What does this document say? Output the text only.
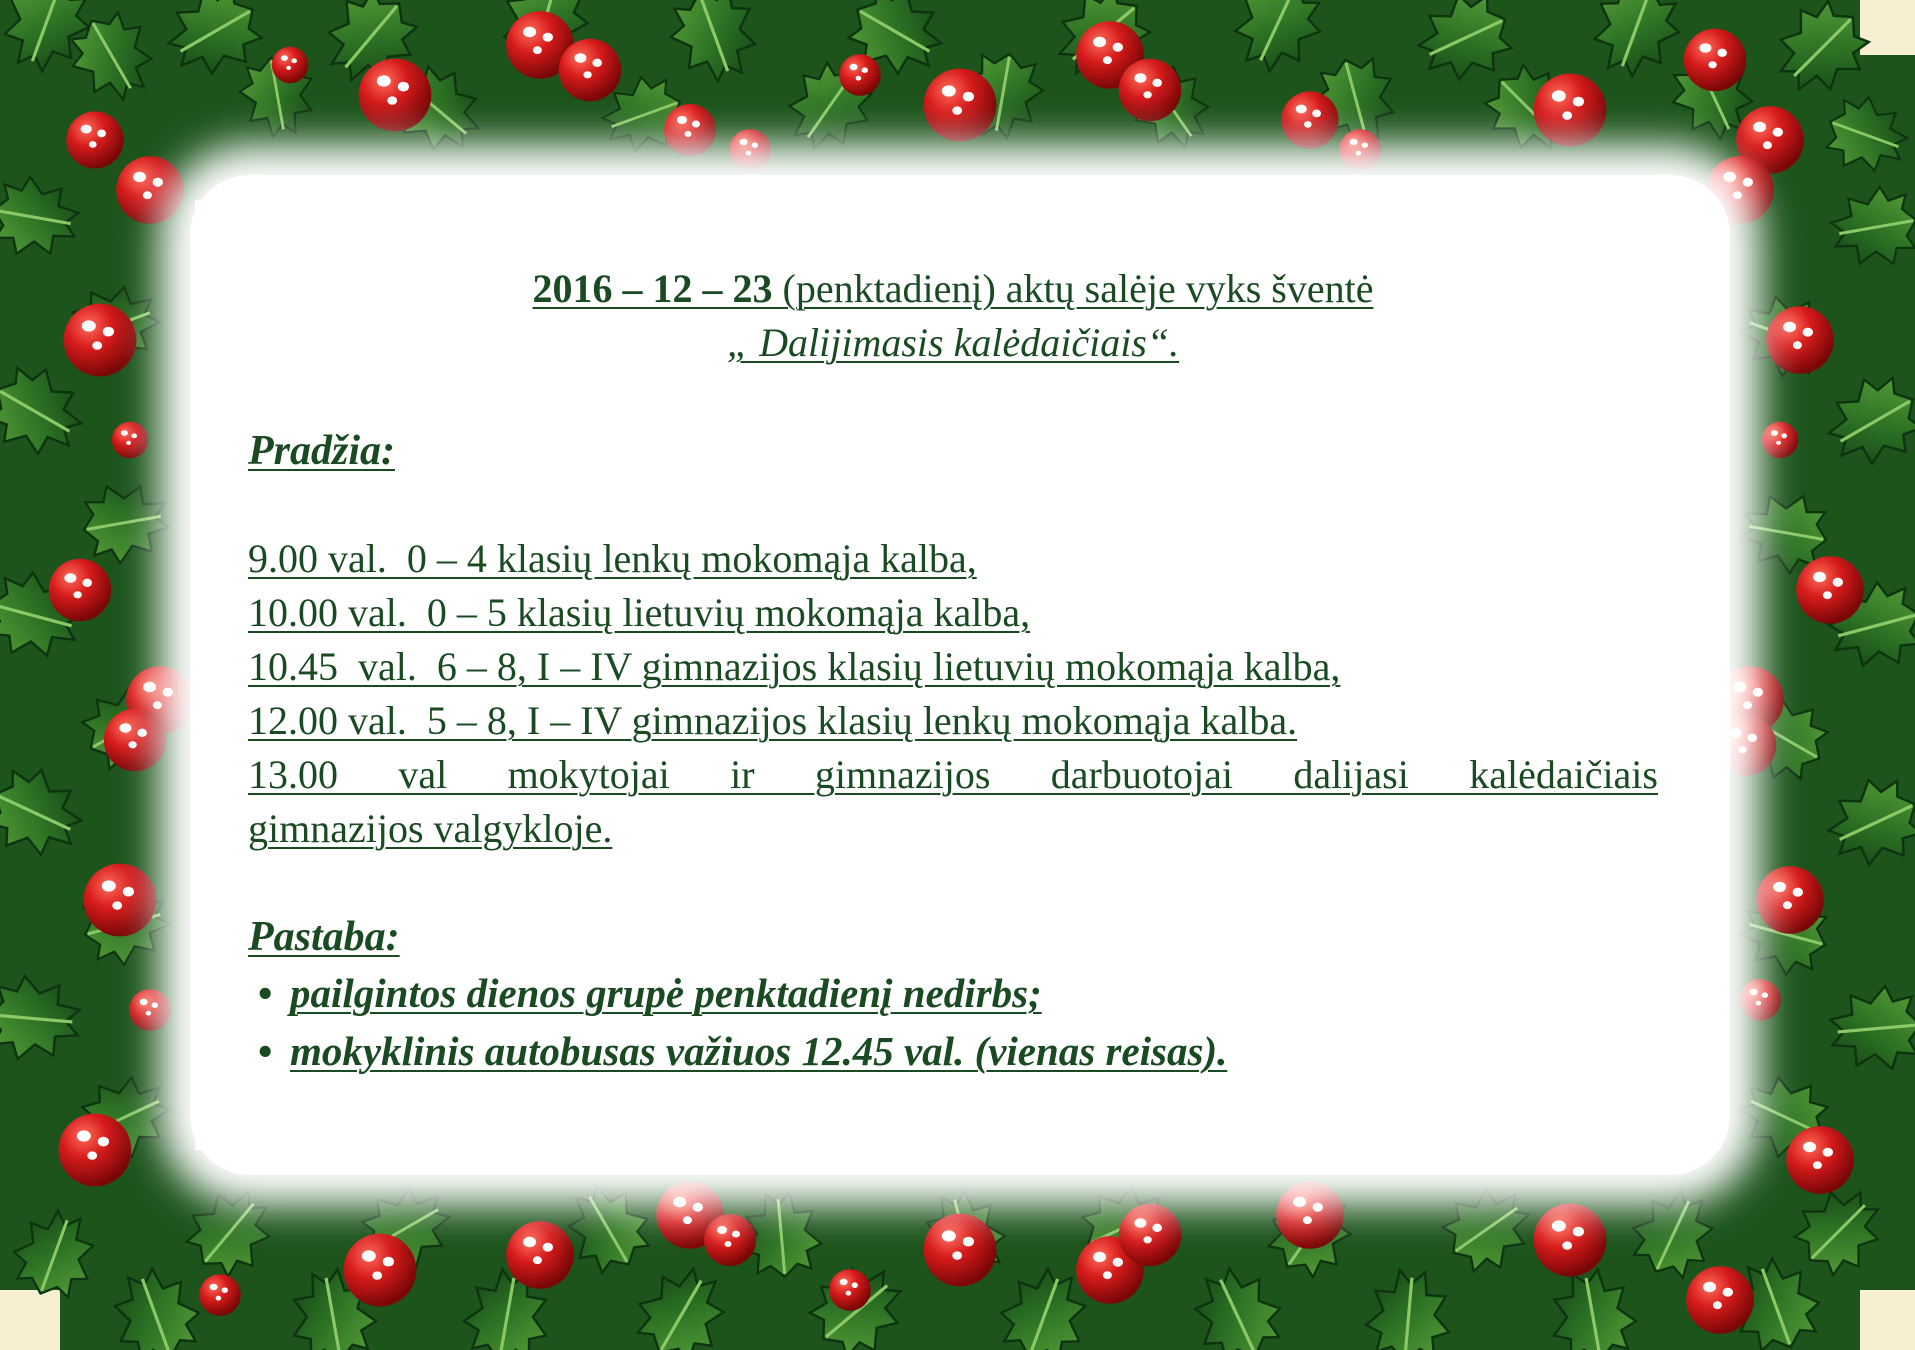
2016 – 12 – 23 (penktadienį) aktų salėje vyks šventė
„ Dalijimasis kalėdaičiais“.
Pradžia:
9.00 val.  0 – 4 klasių lenkų mokomąja kalba,
10.00 val.  0 – 5 klasių lietuvių mokomąja kalba,
10.45  val.  6 – 8, I – IV gimnazijos klasių lietuvių mokomąja kalba,
12.00 val.  5 – 8, I – IV gimnazijos klasių lenkų mokomąja kalba.
13.00 val mokytojai ir gimnazijos darbuotojai dalijasi kalėdaičiais
gimnazijos valgykloje.
Pastaba:
• pailgintos dienos grupė penktadienį nedirbs;
• mokyklinis autobusas važiuos 12.45 val. (vienas reisas).
